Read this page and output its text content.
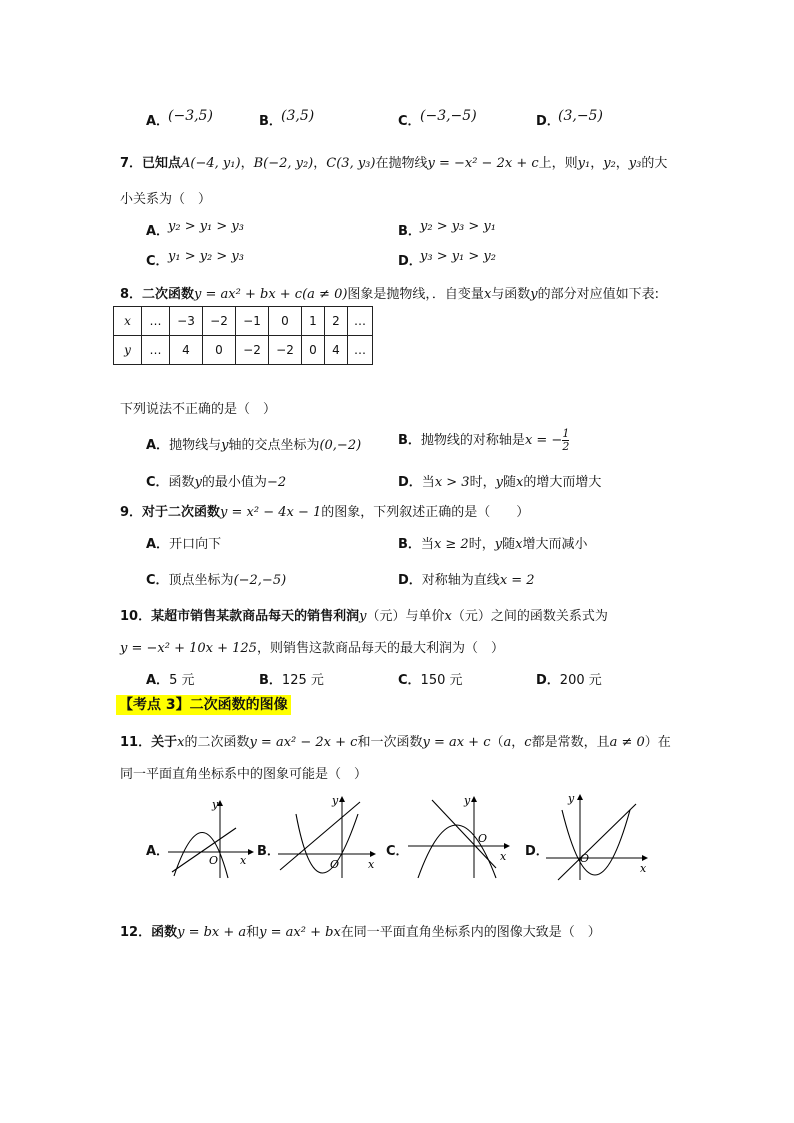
A．
(−3,5)	B． (3,5)	C． (−3,−5)	D．
(3,−5)
7．已知点A(−4, y₁)，B(−2, y₂)，C(3, y₃)在抛物线y = −x² − 2x + c上，则y₁，y₂，y₃的大
小关系为（　）
A．
y₂ > y₁ > y₃	B． y₂ > y₃ > y₁
C． y₁ > y₂ > y₃	D．
y₃ > y₁ > y₂
8．二次函数y = ax² + bx + c(a ≠ 0)图象是抛物线，．自变量x与函数y的部分对应值如下表:
x	…	−3	−2	−1	0	1	2	…
y	…	4	0	−2	−2	0	4	…
下列说法不正确的是（　）
A．抛物线与y轴的交点坐标为(0,−2)	B．抛物线的对称轴是x = − $\frac{1}{2}$
C．函数y的最小值为−2	D．当x > 3时，y随x的增大而增大
9．对于二次函数y = x² − 4x − 1的图象，下列叙述正确的是（　　）
A．开口向下	B．当x ≥ 2时，y随x增大而减小
C．顶点坐标为(−2,−5)	D．对称轴为直线x = 2
10．某超市销售某款商品每天的销售利润y（元）与单价x（元）之间的函数关系式为
y = −x² + 10x + 125，则销售这款商品每天的最大利润为（　）
A．5 元	B．125 元	C．150 元	D．200 元
【考点 3】二次函数的图像
11．关于x的二次函数y = ax² − 2x + c和一次函数y = ax + c（a，c都是常数，且a ≠ 0）在
同一平面直角坐标系中的图象可能是（　）
A．
O x
y
B．
O	x
y
C．
O
x
y
D．	O
x
y
12．函数y = bx + a和y = ax² + bx在同一平面直角坐标系内的图像大致是（　）
